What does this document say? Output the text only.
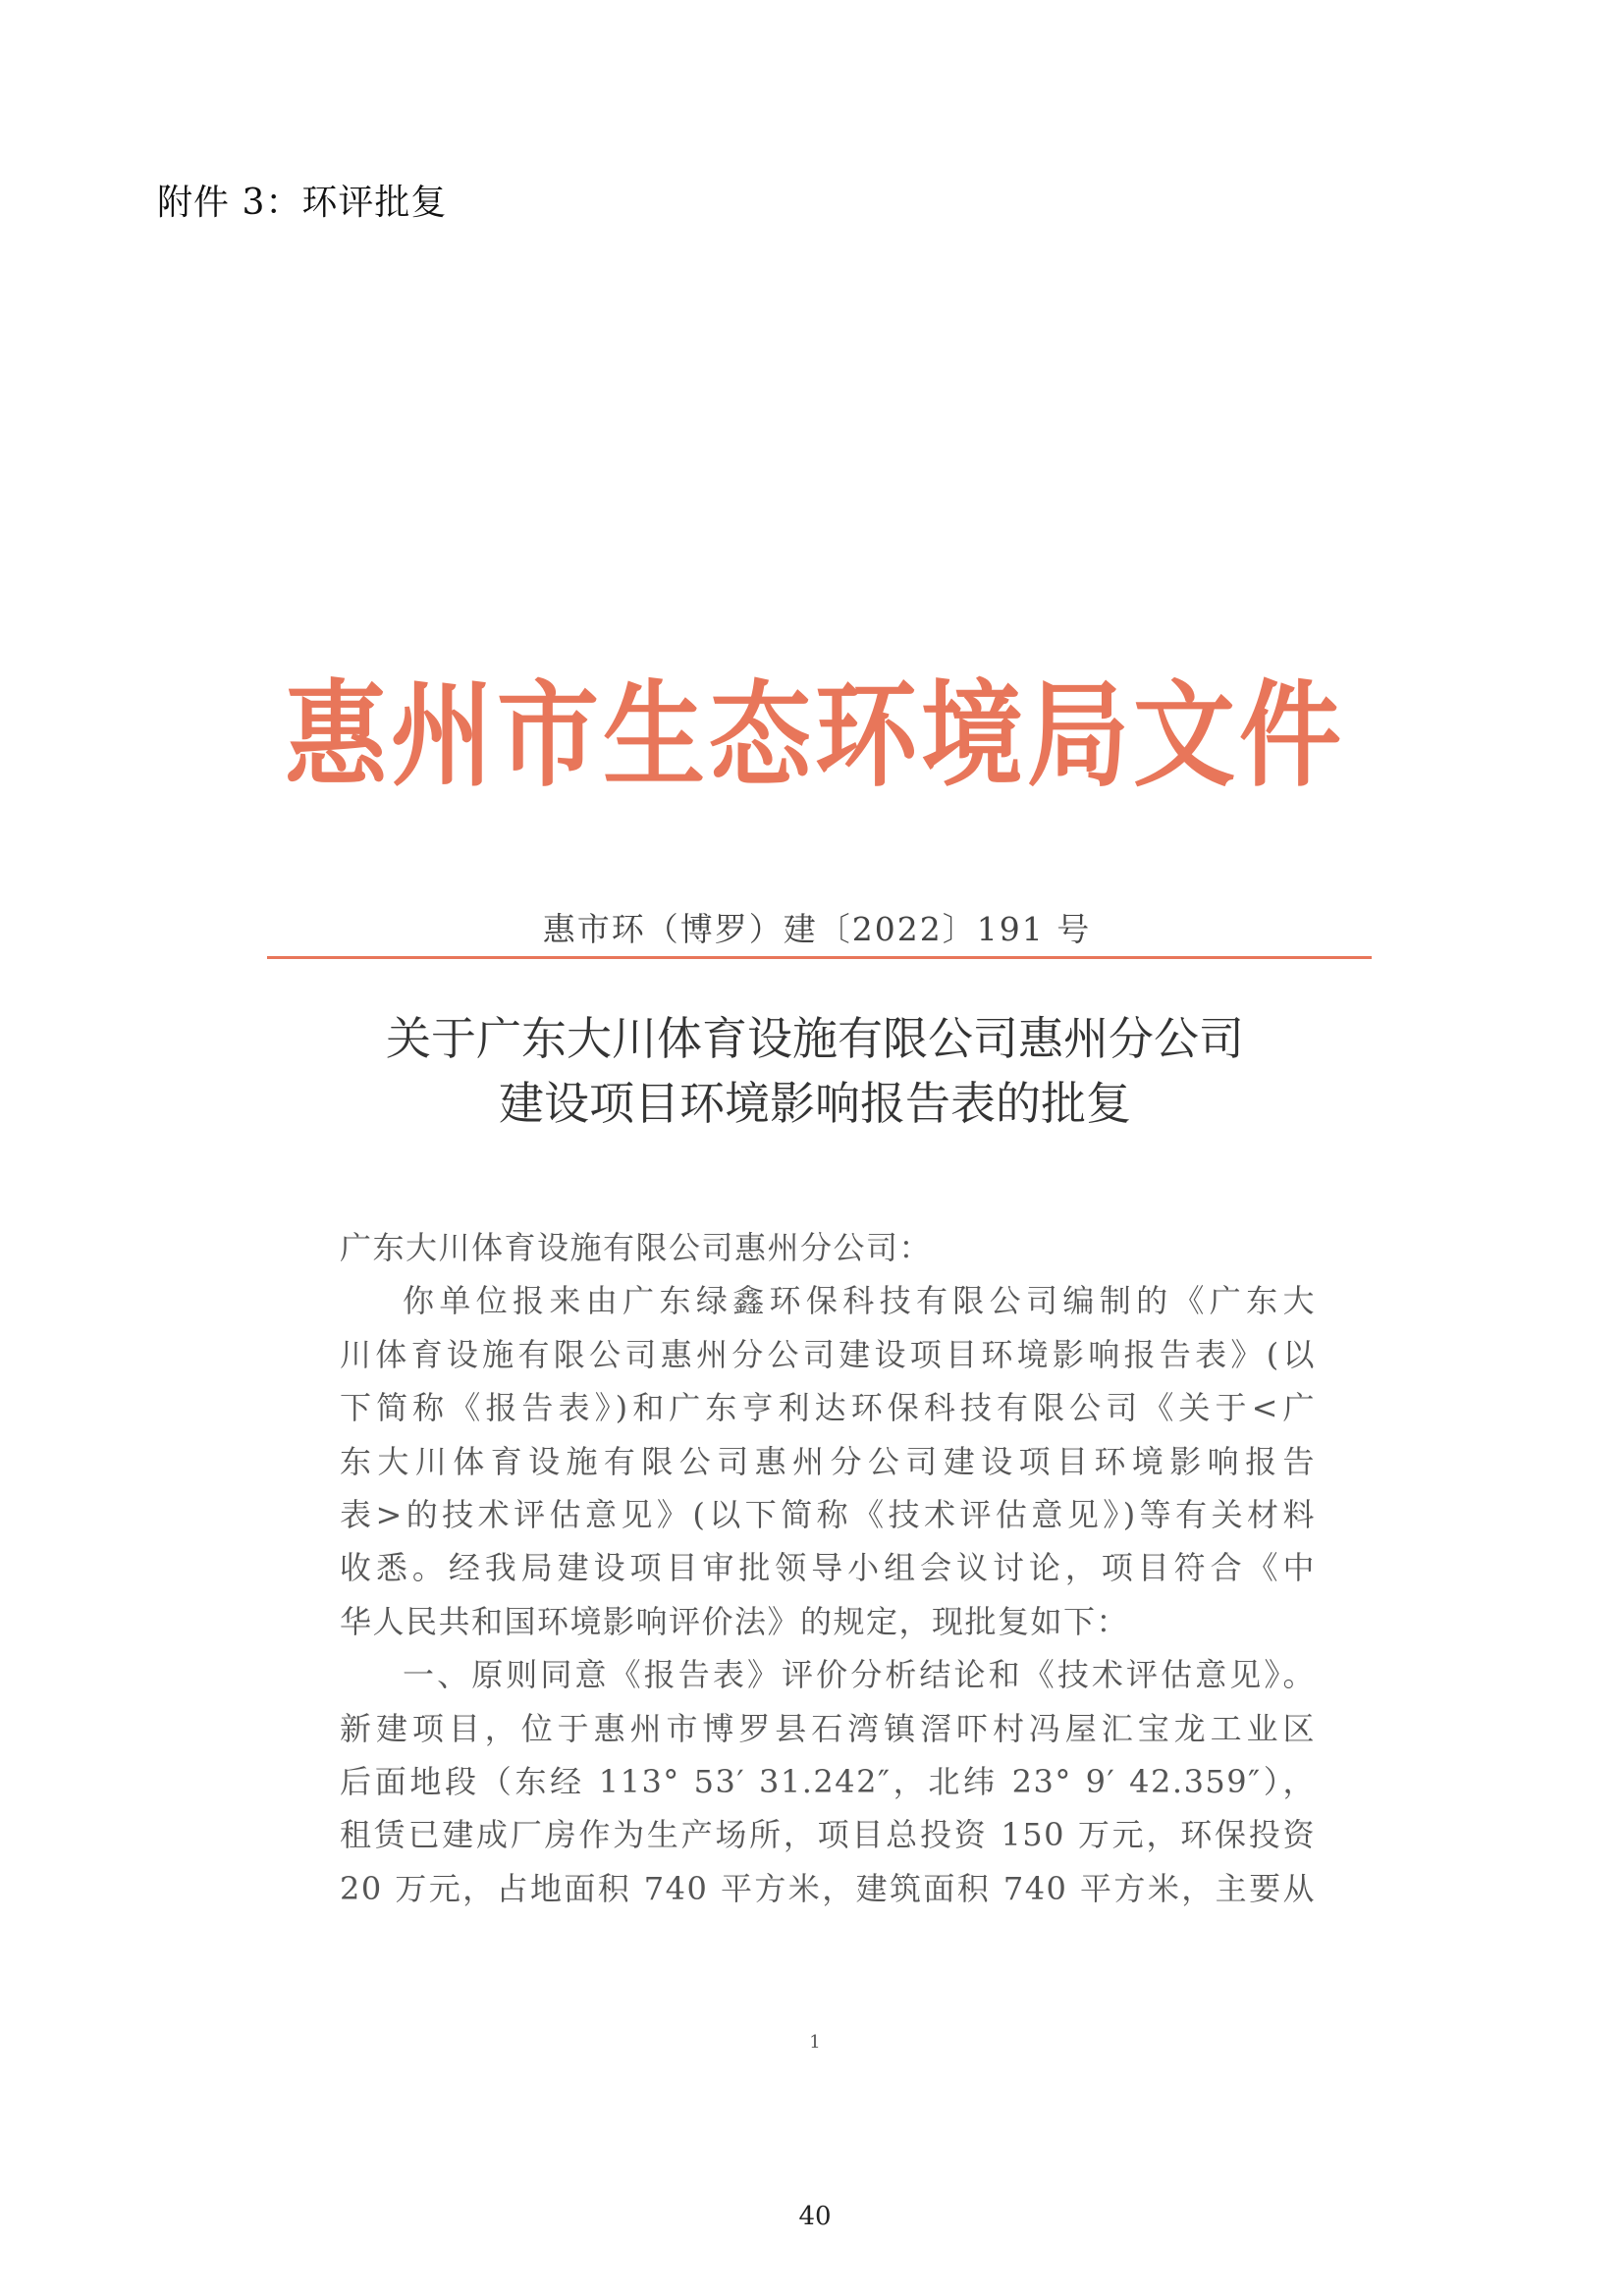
附件 3：环评批复
惠州市生态环境局文件
惠市环（博罗）建〔2022〕191 号
关于广东大川体育设施有限公司惠州分公司
建设项目环境影响报告表的批复
广东大川体育设施有限公司惠州分公司：
你单位报来由广东绿鑫环保科技有限公司编制的《广东大
川体育设施有限公司惠州分公司建设项目环境影响报告表》(以
下简称《报告表》)和广东亨利达环保科技有限公司《关于<广
东大川体育设施有限公司惠州分公司建设项目环境影响报告
表>的技术评估意见》(以下简称《技术评估意见》)等有关材料
收悉。经我局建设项目审批领导小组会议讨论，项目符合《中
华人民共和国环境影响评价法》的规定，现批复如下：
一、原则同意《报告表》评价分析结论和《技术评估意见》。
新建项目，位于惠州市博罗县石湾镇滘吓村冯屋汇宝龙工业区
后面地段（东经 113° 53′ 31.242″，北纬 23° 9′ 42.359″），
租赁已建成厂房作为生产场所，项目总投资 150 万元，环保投资
20 万元，占地面积 740 平方米，建筑面积 740 平方米，主要从
1
40
